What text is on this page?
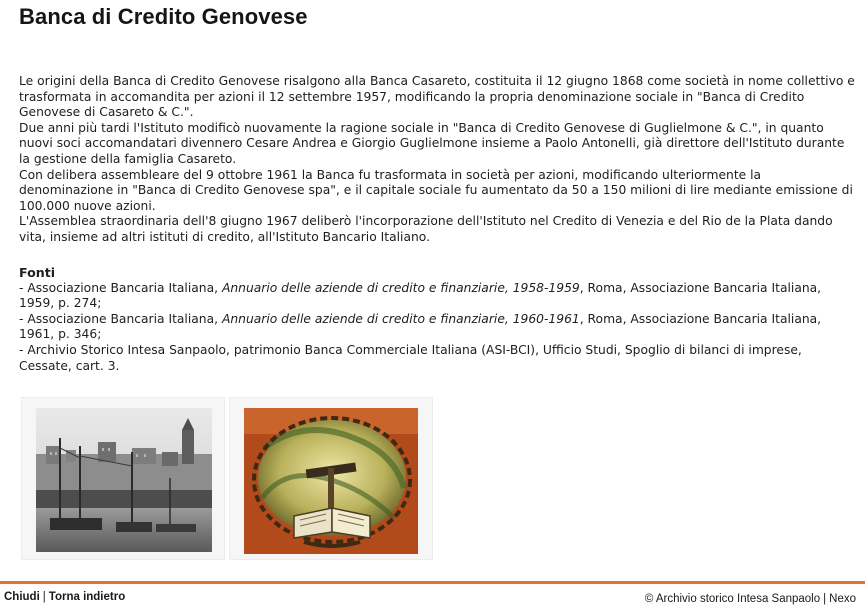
Banca di Credito Genovese

Le origini della Banca di Credito Genovese risalgono alla Banca Casareto, costituita il 12 giugno 1868 come società in nome collettivo e trasformata in accomandita per azioni il 12 settembre 1957, modificando la propria denominazione sociale in "Banca di Credito Genovese di Casareto & C.".

Due anni più tardi l'Istituto modificò nuovamente la ragione sociale in "Banca di Credito Genovese di Guglielmone & C.", in quanto nuovi soci accomandatari divennero Cesare Andrea e Giorgio Guglielmone insieme a Paolo Antonelli, già direttore dell'Istituto durante la gestione della famiglia Casareto.

Con delibera assembleare del 9 ottobre 1961 la Banca fu trasformata in società per azioni, modificando ulteriormente la denominazione in "Banca di Credito Genovese spa", e il capitale sociale fu aumentato da 50 a 150 milioni di lire mediante emissione di 100.000 nuove azioni.

L'Assemblea straordinaria dell'8 giugno 1967 deliberò l'incorporazione dell'Istituto nel Credito di Venezia e del Rio de la Plata dando vita, insieme ad altri istituti di credito, all'Istituto Bancario Italiano.

Fonti

- Associazione Bancaria Italiana, Annuario delle aziende di credito e finanziarie, 1958-1959, Roma, Associazione Bancaria Italiana, 1959, p. 274;

- Associazione Bancaria Italiana, Annuario delle aziende di credito e finanziarie, 1960-1961, Roma, Associazione Bancaria Italiana, 1961, p. 346;

- Archivio Storico Intesa Sanpaolo, patrimonio Banca Commerciale Italiana (ASI-BCI), Ufficio Studi, Spoglio di bilanci di imprese, Cessate, cart. 3.

Chiudi | Torna indietro	© Archivio storico Intesa Sanpaolo | Nexo
